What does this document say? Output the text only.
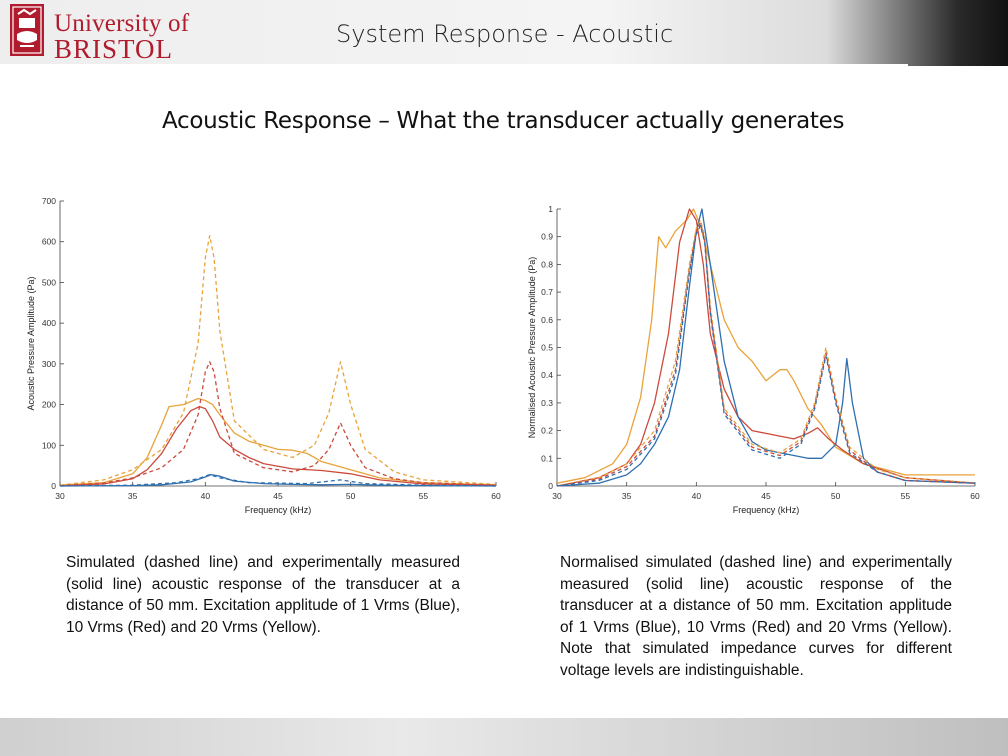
University of
BRISTOL	System Response - Acoustic
Acoustic Response – What the transducer actually generates
30	35	40	45	50	55	60
0
100
200
300
400
500
600
700
Frequency (kHz)
Acoustic Pressure Amplitude (Pa)
30	35	40	45	50	55	60
0
0.1
0.2
0.3
0.4
0.5
0.6
0.7
0.8
0.9
1
Frequency (kHz)
Normalised Acoustic Pressure Amplitude (Pa)
Simulated (dashed line) and experimentally measured (solid line) acoustic response of the transducer at a distance of 50 mm. Excitation applitude of 1 Vrms (Blue), 10 Vrms (Red) and 20 Vrms (Yellow).
Normalised simulated (dashed line) and experimentally measured (solid line) acoustic response of the transducer at a distance of 50 mm. Excitation applitude of 1 Vrms (Blue), 10 Vrms (Red) and 20 Vrms (Yellow). Note that simulated impedance curves for different voltage levels are indistinguishable.
